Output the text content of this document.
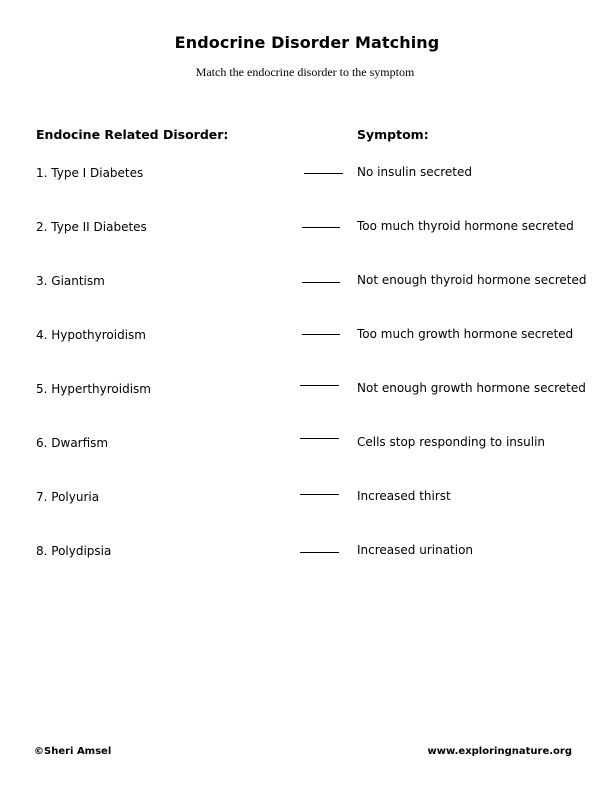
Endocrine Disorder Matching
Match the endocrine disorder to the symptom
Endocine Related Disorder:	Symptom:
1. Type I Diabetes	No insulin secreted
2. Type II Diabetes	Too much thyroid hormone secreted
3. Giantism	Not enough thyroid hormone secreted
4. Hypothyroidism	Too much growth hormone secreted
5. Hyperthyroidism	Not enough growth hormone secreted
6. Dwarfism	Cells stop responding to insulin
7. Polyuria	Increased thirst
8. Polydipsia	Increased urination
©Sheri Amsel	www.exploringnature.org
